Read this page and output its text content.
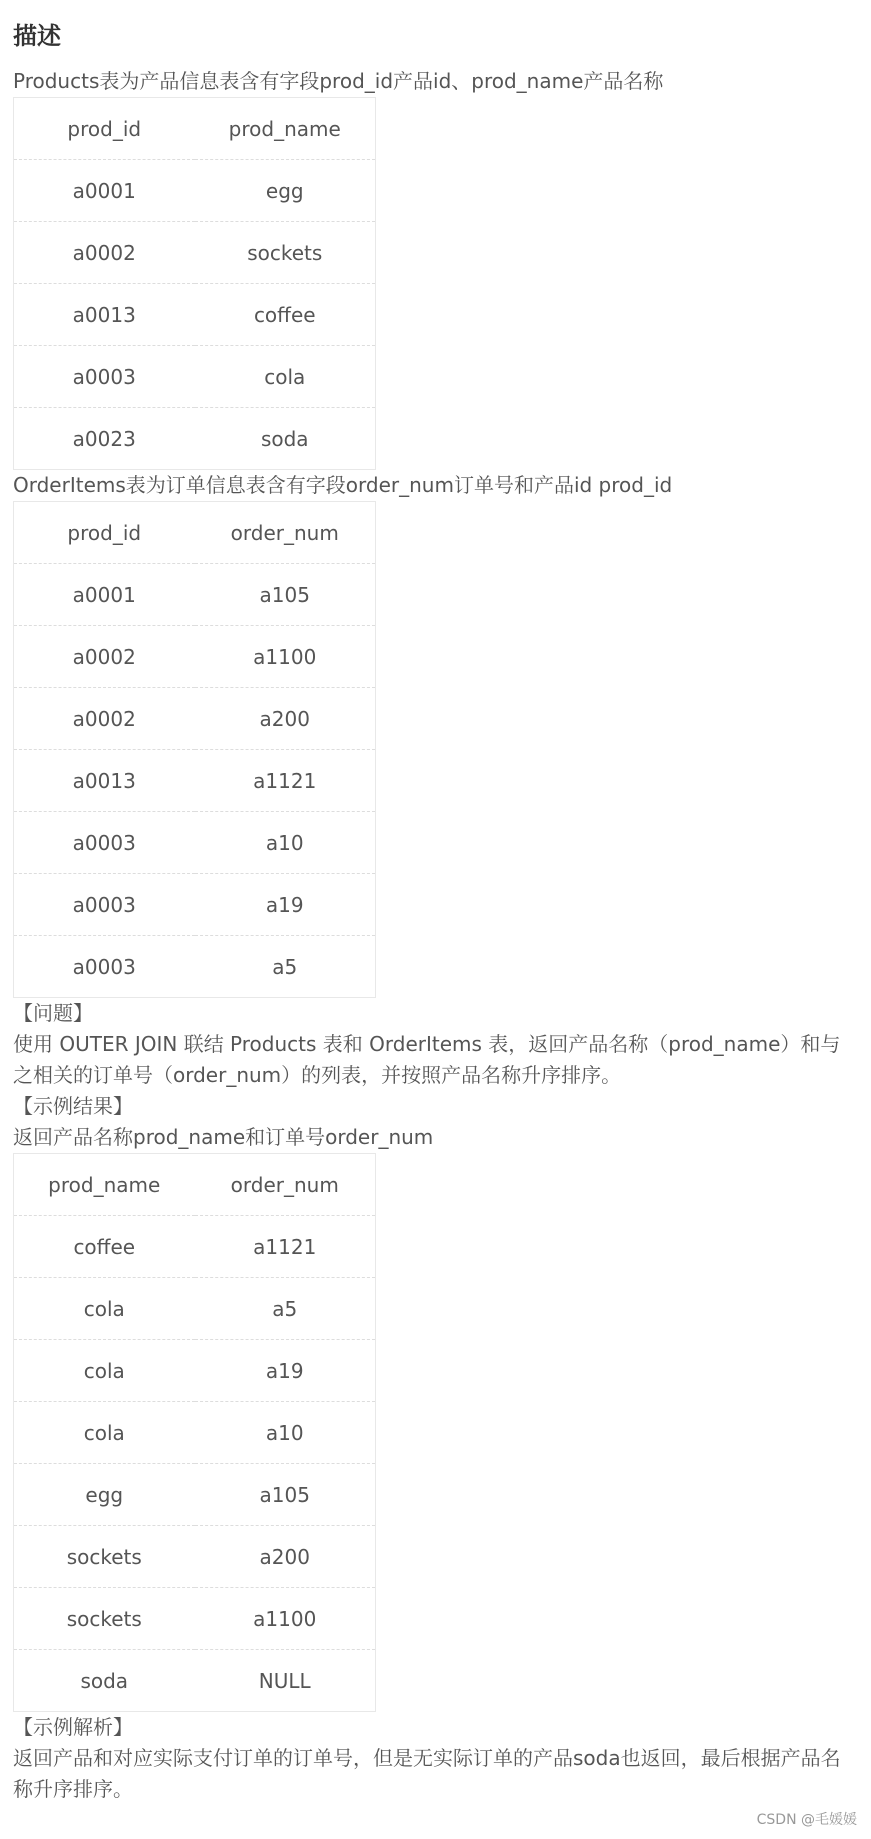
描述

Products表为产品信息表含有字段prod_id产品id、prod_name产品名称

prod_id	prod_name
a0001	egg
a0002	sockets
a0013	coffee
a0003	cola
a0023	soda

OrderItems表为订单信息表含有字段order_num订单号和产品id prod_id

prod_id	order_num
a0001	a105
a0002	a1100
a0002	a200
a0013	a1121
a0003	a10
a0003	a19
a0003	a5

【问题】

使用 OUTER JOIN 联结 Products 表和 OrderItems 表，返回产品名称（prod_name）和与之相关的订单号（order_num）的列表，并按照产品名称升序排序。

【示例结果】

返回产品名称prod_name和订单号order_num

prod_name	order_num
coffee	a1121
cola	a5
cola	a19
cola	a10
egg	a105
sockets	a200
sockets	a1100
soda	NULL

【示例解析】

返回产品和对应实际支付订单的订单号，但是无实际订单的产品soda也返回，最后根据产品名称升序排序。

CSDN @毛媛媛
